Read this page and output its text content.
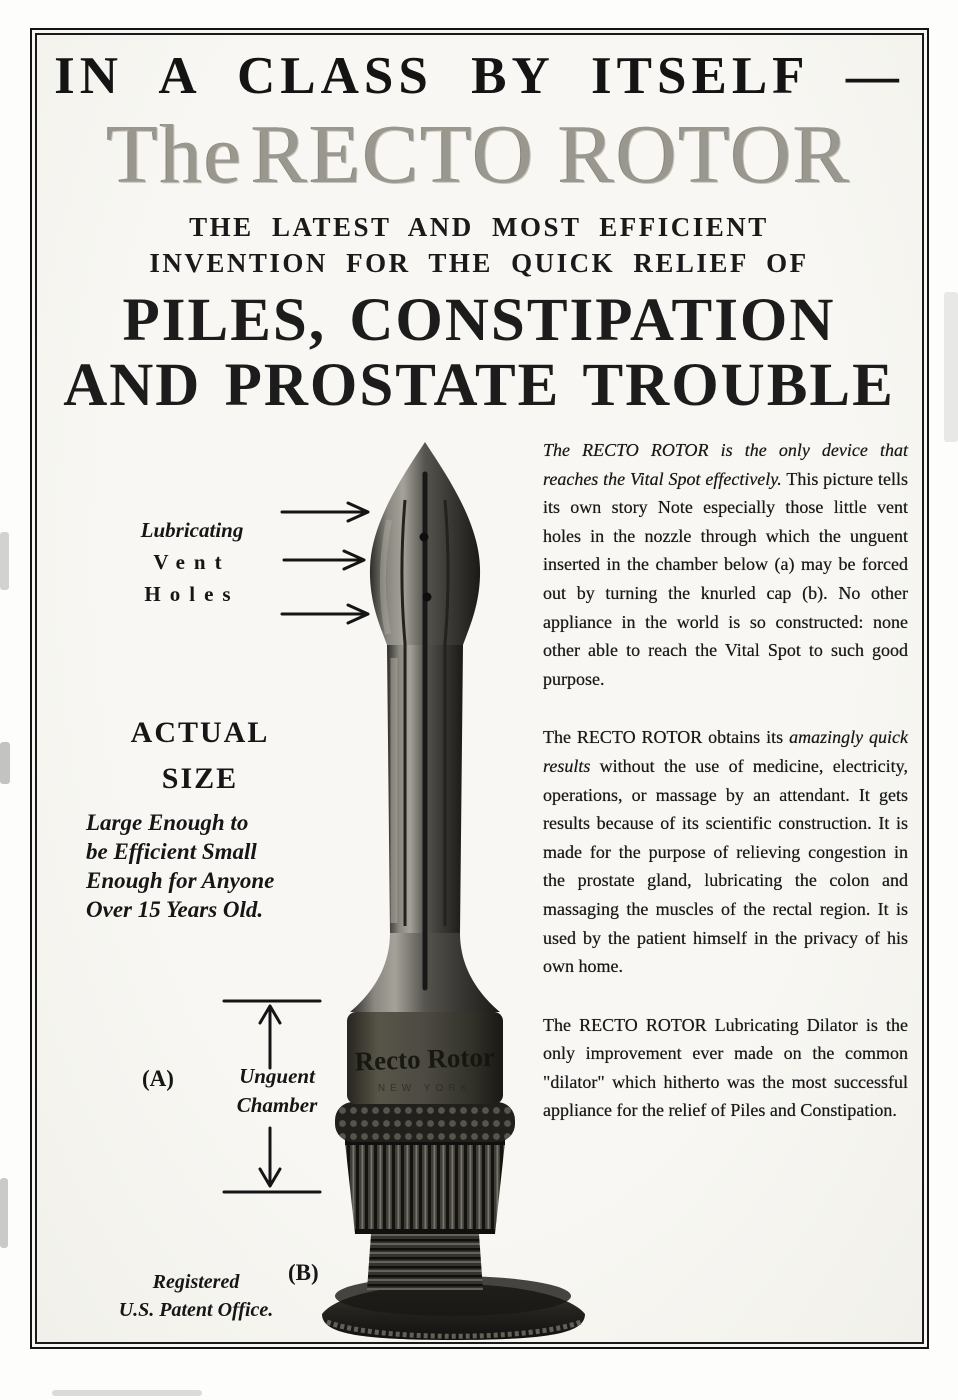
IN A CLASS BY ITSELF —
TheRECTO ROTOR
THE LATEST AND MOST EFFICIENT
INVENTION FOR THE QUICK RELIEF OF
PILES, CONSTIPATION
AND PROSTATE TROUBLE
Lubricating
Vent
Holes
ACTUAL
SIZE
Large Enough to
be Efficient Small
Enough for Anyone
Over 15 Years Old.
(A)	Unguent
Chamber
(B)
Registered
U.S. Patent Office.
Recto Rotor
NEW YORK

The RECTO ROTOR is the only device that reaches the Vital Spot effectively. This picture tells its own story Note especially those little vent holes in the nozzle through which the unguent inserted in the chamber below (a) may be forced out by turning the knurled cap (b). No other appliance in the world is so constructed: none other able to reach the Vital Spot to such good purpose.

The RECTO ROTOR obtains its amazingly quick results without the use of medicine, electricity, operations, or massage by an attendant. It gets results because of its scientific construction. It is made for the purpose of relieving congestion in the prostate gland, lubricating the colon and massaging the muscles of the rectal region. It is used by the patient himself in the privacy of his own home.

The RECTO ROTOR Lubricating Dilator is the only improvement ever made on the common "dilator" which hitherto was the most successful appliance for the relief of Piles and Constipation.
